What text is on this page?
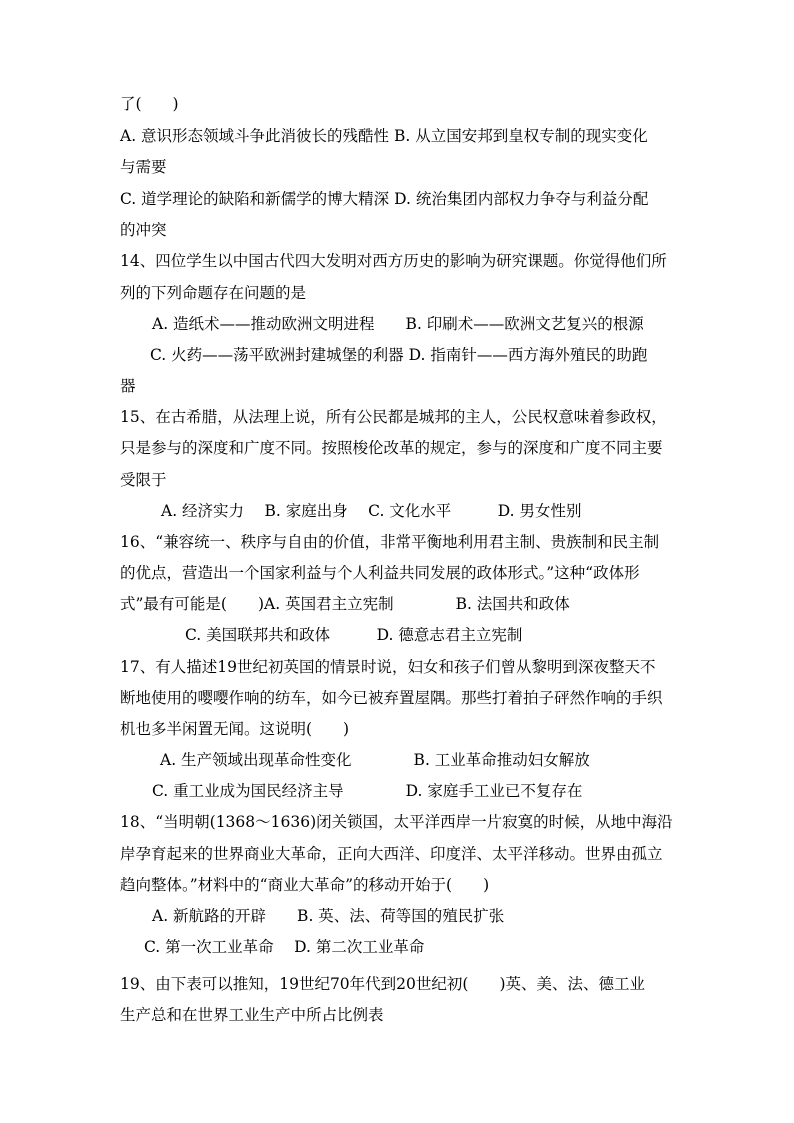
了(　　)
A. 意识形态领域斗争此消彼长的残酷性 B. 从立国安邦到皇权专制的现实变化
与需要
C. 道学理论的缺陷和新儒学的博大精深 D. 统治集团内部权力争夺与利益分配
的冲突
14、四位学生以中国古代四大发明对西方历史的影响为研究课题。你觉得他们所
列的下列命题存在问题的是
A. 造纸术——推动欧洲文明进程　　B. 印刷术——欧洲文艺复兴的根源
C. 火药——荡平欧洲封建城堡的利器 D. 指南针——西方海外殖民的助跑
器
15、在古希腊，从法理上说，所有公民都是城邦的主人，公民权意味着参政权，
只是参与的深度和广度不同。按照梭伦改革的规定，参与的深度和广度不同主要
受限于
A. 经济实力　 B. 家庭出身　 C. 文化水平　　　D. 男女性别
16、“兼容统一、秩序与自由的价值，非常平衡地利用君主制、贵族制和民主制
的优点，营造出一个国家利益与个人利益共同发展的政体形式。”这种“政体形
式”最有可能是(　　)A. 英国君主立宪制　　　　B. 法国共和政体
C. 美国联邦共和政体　　　D. 德意志君主立宪制
17、有人描述19世纪初英国的情景时说，妇女和孩子们曾从黎明到深夜整天不
断地使用的嘤嘤作响的纺车，如今已被弃置屋隅。那些打着拍子砰然作响的手织
机也多半闲置无闻。这说明(　　)
A. 生产领域出现革命性变化　　　　B. 工业革命推动妇女解放
C. 重工业成为国民经济主导　　　　D. 家庭手工业已不复存在
18、“当明朝(1368～1636)闭关锁国，太平洋西岸一片寂寞的时候，从地中海沿
岸孕育起来的世界商业大革命，正向大西洋、印度洋、太平洋移动。世界由孤立
趋向整体。”材料中的“商业大革命”的移动开始于(　　)
A. 新航路的开辟　　B. 英、法、荷等国的殖民扩张
C. 第一次工业革命　 D. 第二次工业革命
19、由下表可以推知，19世纪70年代到20世纪初(　　)英、美、法、德工业
生产总和在世界工业生产中所占比例表
